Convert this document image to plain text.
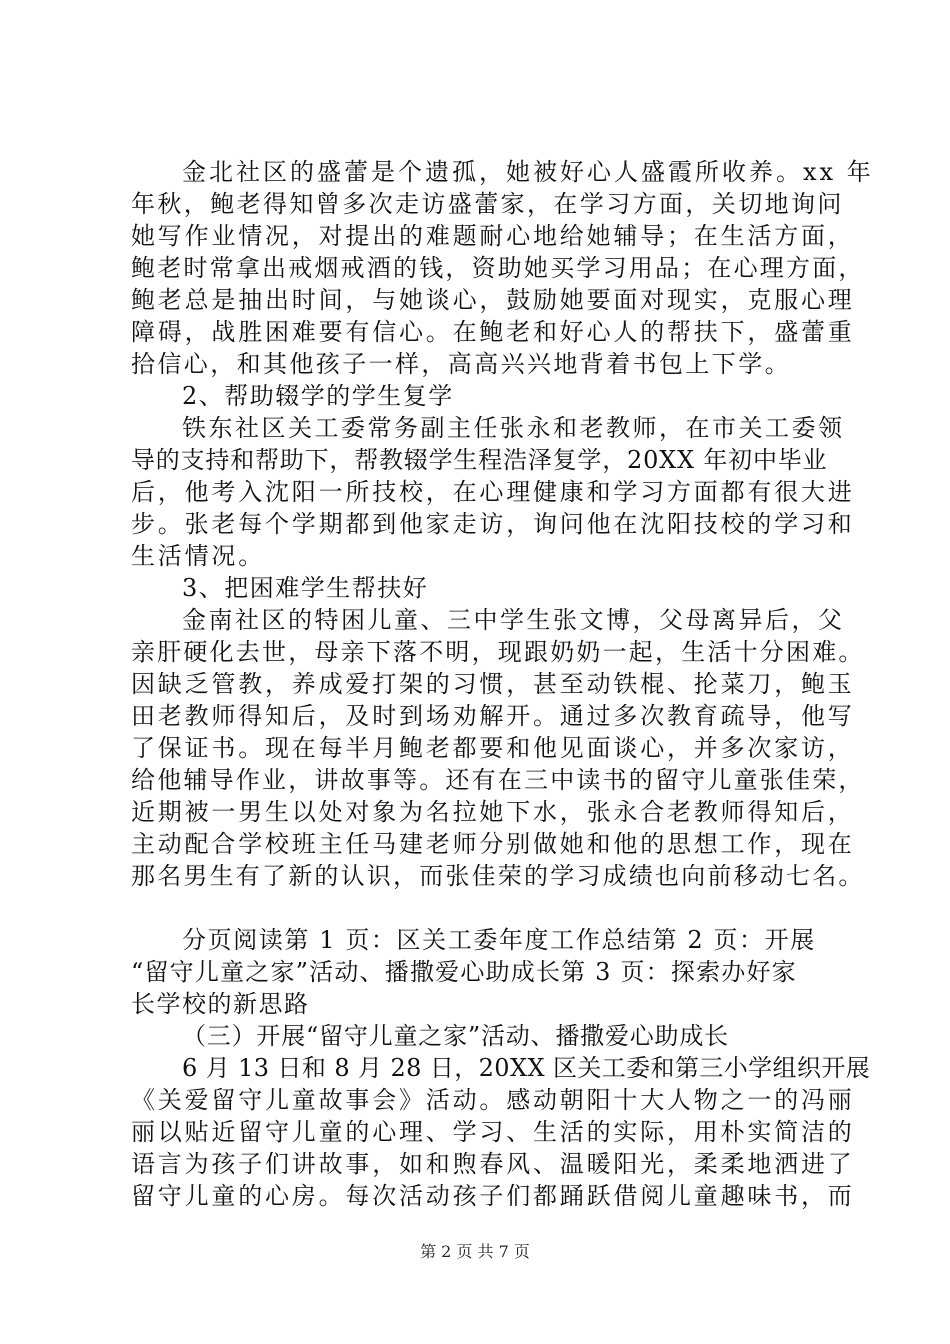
金北社区的盛蕾是个遗孤，她被好心人盛霞所收养。xx 年
年秋，鲍老得知曾多次走访盛蕾家，在学习方面，关切地询问
她写作业情况，对提出的难题耐心地给她辅导；在生活方面，
鲍老时常拿出戒烟戒酒的钱，资助她买学习用品；在心理方面，
鲍老总是抽出时间，与她谈心，鼓励她要面对现实，克服心理
障碍，战胜困难要有信心。在鲍老和好心人的帮扶下，盛蕾重
拾信心，和其他孩子一样，高高兴兴地背着书包上下学。
2、帮助辍学的学生复学
铁东社区关工委常务副主任张永和老教师，在市关工委领
导的支持和帮助下，帮教辍学生程浩泽复学，20XX 年初中毕业
后，他考入沈阳一所技校，在心理健康和学习方面都有很大进
步。张老每个学期都到他家走访，询问他在沈阳技校的学习和
生活情况。
3、把困难学生帮扶好
金南社区的特困儿童、三中学生张文博，父母离异后，父
亲肝硬化去世，母亲下落不明，现跟奶奶一起，生活十分困难。
因缺乏管教，养成爱打架的习惯，甚至动铁棍、抡菜刀，鲍玉
田老教师得知后，及时到场劝解开。通过多次教育疏导，他写
了保证书。现在每半月鲍老都要和他见面谈心，并多次家访，
给他辅导作业，讲故事等。还有在三中读书的留守儿童张佳荣，
近期被一男生以处对象为名拉她下水，张永合老教师得知后，
主动配合学校班主任马建老师分别做她和他的思想工作，现在
那名男生有了新的认识，而张佳荣的学习成绩也向前移动七名。
分页阅读第 1 页：区关工委年度工作总结第 2 页：开展
“留守儿童之家”活动、播撒爱心助成长第 3 页：探索办好家
长学校的新思路
（三）开展“留守儿童之家”活动、播撒爱心助成长
6 月 13 日和 8 月 28 日，20XX 区关工委和第三小学组织开展
《关爱留守儿童故事会》活动。感动朝阳十大人物之一的冯丽
丽以贴近留守儿童的心理、学习、生活的实际，用朴实简洁的
语言为孩子们讲故事，如和煦春风、温暖阳光，柔柔地洒进了
留守儿童的心房。每次活动孩子们都踊跃借阅儿童趣味书，而
第 2 页 共 7 页
